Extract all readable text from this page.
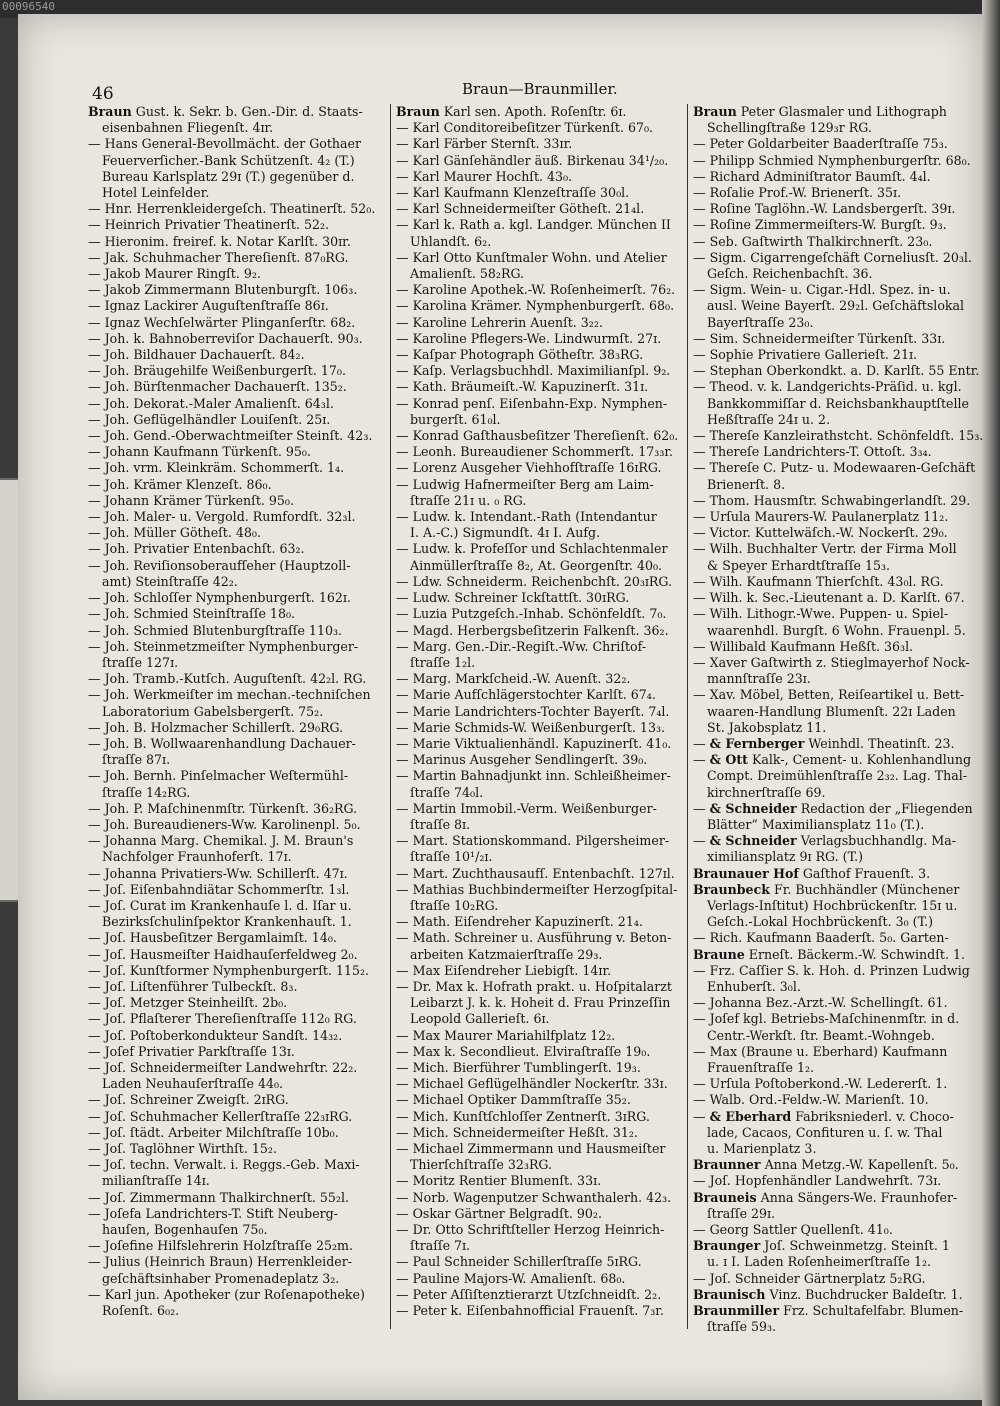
00096540
46	Braun—Braunmiller.
Braun Gust. k. Sekr. b. Gen.-Dir. d. Staats-
eisenbahnen Fliegenſt. 4ɪr.
— Hans General-Bevollmächt. der Gothaer
Feuerverſicher.-Bank Schützenſt. 4₂ (T.)
Bureau Karlsplatz 29ɪ (T.) gegenüber d.
Hotel Leinfelder.
— Hnr. Herrenkleidergeſch. Theatinerſt. 52₀.
— Heinrich Privatier Theatinerſt. 52₂.
— Hieronim. freiref. k. Notar Karlſt. 30ɪr.
— Jak. Schuhmacher Thereſienſt. 87₀RG.
— Jakob Maurer Ringſt. 9₂.
— Jakob Zimmermann Blutenburgſt. 106₃.
— Ignaz Lackirer Auguſtenſtraſſe 86ɪ.
— Ignaz Wechſelwärter Plinganſerſtr. 68₂.
— Joh. k. Bahnoberreviſor Dachauerſt. 90₃.
— Joh. Bildhauer Dachauerſt. 84₂.
— Joh. Bräugehilfe Weißenburgerſt. 17₀.
— Joh. Bürſtenmacher Dachauerſt. 135₂.
— Joh. Dekorat.-Maler Amalienſt. 64₃l.
— Joh. Geflügelhändler Louiſenſt. 25ɪ.
— Joh. Gend.-Oberwachtmeiſter Steinſt. 42₃.
— Johann Kaufmann Türkenſt. 95₀.
— Joh. vrm. Kleinkräm. Schommerſt. 1₄.
— Joh. Krämer Klenzeſt. 86₀.
— Johann Krämer Türkenſt. 95₀.
— Joh. Maler- u. Vergold. Rumfordſt. 32₃l.
— Joh. Müller Götheſt. 48₀.
— Joh. Privatier Entenbachſt. 63₂.
— Joh. Reviſionsoberaufſeher (Hauptzoll-
amt) Steinſtraſſe 42₂.
— Joh. Schloſſer Nymphenburgerſt. 162ɪ.
— Joh. Schmied Steinſtraſſe 18₀.
— Joh. Schmied Blutenburgſtraſſe 110₃.
— Joh. Steinmetzmeiſter Nymphenburger-
ſtraſſe 127ɪ.
— Joh. Tramb.-Kutſch. Auguſtenſt. 42₂l. RG.
— Joh. Werkmeiſter im mechan.-techniſchen
Laboratorium Gabelsbergerſt. 75₂.
— Joh. B. Holzmacher Schillerſt. 29₀RG.
— Joh. B. Wollwaarenhandlung Dachauer-
ſtraſſe 87ɪ.
— Joh. Bernh. Pinſelmacher Weſtermühl-
ſtraſſe 14₂RG.
— Joh. P. Maſchinenmſtr. Türkenſt. 36₂RG.
— Joh. Bureaudieners-Ww. Karolinenpl. 5₀.
— Johanna Marg. Chemikal. J. M. Braun's
Nachfolger Fraunhoferſt. 17ɪ.
— Johanna Privatiers-Ww. Schillerſt. 47ɪ.
— Joſ. Eiſenbahndiätar Schommerſtr. 1₃l.
— Joſ. Curat im Krankenhauſe l. d. Iſar u.
Bezirksſchulinſpektor Krankenhauſt. 1.
— Joſ. Hausbeſitzer Bergamlaimſt. 14₀.
— Joſ. Hausmeiſter Haidhauſerfeldweg 2₀.
— Joſ. Kunſtformer Nymphenburgerſt. 115₂.
— Joſ. Liſtenführer Tulbeckſt. 8₃.
— Joſ. Metzger Steinheilſt. 2b₀.
— Joſ. Pflaſterer Thereſienſtraſſe 112₀ RG.
— Joſ. Poſtoberkondukteur Sandſt. 14₃₂.
— Joſef Privatier Parkſtraſſe 13ɪ.
— Joſ. Schneidermeiſter Landwehrſtr. 22₂.
Laden Neuhauſerſtraſſe 44₀.
— Joſ. Schreiner Zweigſt. 2ɪRG.
— Joſ. Schuhmacher Kellerſtraſſe 22₃ɪRG.
— Joſ. ſtädt. Arbeiter Milchſtraſſe 10b₀.
— Joſ. Taglöhner Wirthſt. 15₂.
— Joſ. techn. Verwalt. i. Reggs.-Geb. Maxi-
milianſtraſſe 14ɪ.
— Joſ. Zimmermann Thalkirchnerſt. 55₂l.
— Joſefa Landrichters-T. Stift Neuberg-
hauſen, Bogenhauſen 75₀.
— Joſefine Hilfslehrerin Holzſtraſſe 25₂m.
— Julius (Heinrich Braun) Herrenkleider-
geſchäftsinhaber Promenadeplatz 3₂.
— Karl jun. Apotheker (zur Roſenapotheke)
Roſenſt. 6₀₂.
Braun Karl sen. Apoth. Roſenſtr. 6ɪ.
— Karl Conditoreibeſitzer Türkenſt. 67₀.
— Karl Färber Sternſt. 33ɪr.
— Karl Gänſehändler äuß. Birkenau 34¹/₂₀.
— Karl Maurer Hochſt. 43₀.
— Karl Kaufmann Klenzeſtraſſe 30₀l.
— Karl Schneidermeiſter Götheſt. 21₄l.
— Karl k. Rath a. kgl. Landger. München II
Uhlandſt. 6₂.
— Karl Otto Kunſtmaler Wohn. und Atelier
Amalienſt. 58₂RG.
— Karoline Apothek.-W. Roſenheimerſt. 76₂.
— Karolina Krämer. Nymphenburgerſt. 68₀.
— Karoline Lehrerin Auenſt. 3₂₂.
— Karoline Pflegers-We. Lindwurmſt. 27ɪ.
— Kaſpar Photograph Götheſtr. 38₃RG.
— Kaſp. Verlagsbuchhdl. Maximilianſpl. 9₂.
— Kath. Bräumeiſt.-W. Kapuzinerſt. 31ɪ.
— Konrad penſ. Eiſenbahn-Exp. Nymphen-
burgerſt. 61₀l.
— Konrad Gaſthausbeſitzer Thereſienſt. 62₀.
— Leonh. Bureaudiener Schommerſt. 17₃₃r.
— Lorenz Ausgeher Viehhofſtraſſe 16ɪRG.
— Ludwig Hafnermeiſter Berg am Laim-
ſtraſſe 21ɪ u. ₀ RG.
— Ludw. k. Intendant.-Rath (Intendantur
I. A.-C.) Sigmundſt. 4ɪ I. Aufg.
— Ludw. k. Profeſſor und Schlachtenmaler
Ainmüllerſtraſſe 8₂, At. Georgenſtr. 40₀.
— Ldw. Schneiderm. Reichenbchſt. 20₃ɪRG.
— Ludw. Schreiner Ickſtattſt. 30ɪRG.
— Luzia Putzgeſch.-Inhab. Schönfeldſt. 7₀.
— Magd. Herbergsbeſitzerin Falkenſt. 36₂.
— Marg. Gen.-Dir.-Regiſt.-Ww. Chriſtof-
ſtraſſe 1₂l.
— Marg. Markſcheid.-W. Auenſt. 32₂.
— Marie Aufſchlägerstochter Karlſt. 67₄.
— Marie Landrichters-Tochter Bayerſt. 7₄l.
— Marie Schmids-W. Weißenburgerſt. 13₃.
— Marie Viktualienhändl. Kapuzinerſt. 41₀.
— Marinus Ausgeher Sendlingerſt. 39₀.
— Martin Bahnadjunkt inn. Schleißheimer-
ſtraſſe 74₀l.
— Martin Immobil.-Verm. Weißenburger-
ſtraſſe 8ɪ.
— Mart. Stationskommand. Pilgersheimer-
ſtraſſe 10¹/₂ɪ.
— Mart. Zuchthausaufſ. Entenbachſt. 127ɪl.
— Mathias Buchbindermeiſter Herzogſpital-
ſtraſſe 10₂RG.
— Math. Eiſendreher Kapuzinerſt. 21₄.
— Math. Schreiner u. Ausführung v. Beton-
arbeiten Katzmaierſtraſſe 29₃.
— Max Eiſendreher Liebigſt. 14ɪr.
— Dr. Max k. Hofrath prakt. u. Hoſpitalarzt
Leibarzt J. k. k. Hoheit d. Frau Prinzeſſin
Leopold Gallerieſt. 6ɪ.
— Max Maurer Mariahilfplatz 12₂.
— Max k. Secondlieut. Elviraſtraſſe 19₀.
— Mich. Bierführer Tumblingerſt. 19₃.
— Michael Geflügelhändler Nockerſtr. 33ɪ.
— Michael Optiker Dammſtraſſe 35₂.
— Mich. Kunſtſchloſſer Zentnerſt. 3ɪRG.
— Mich. Schneidermeiſter Heßſt. 31₂.
— Michael Zimmermann und Hausmeiſter
Thierſchſtraſſe 32₃RG.
— Moritz Rentier Blumenſt. 33ɪ.
— Norb. Wagenputzer Schwanthalerh. 42₃.
— Oskar Gärtner Belgradſt. 90₂.
— Dr. Otto Schriftſteller Herzog Heinrich-
ſtraſſe 7ɪ.
— Paul Schneider Schillerſtraſſe 5ɪRG.
— Pauline Majors-W. Amalienſt. 68₀.
— Peter Aſſiſtenztierarzt Utzſchneidſt. 2₂.
— Peter k. Eiſenbahnofficial Frauenſt. 7₃r.
Braun Peter Glasmaler und Lithograph
Schellingſtraße 129₃r RG.
— Peter Goldarbeiter Baaderſtraſſe 75₃.
— Philipp Schmied Nymphenburgerſtr. 68₀.
— Richard Adminiſtrator Baumſt. 4₄l.
— Roſalie Prof.-W. Brienerſt. 35ɪ.
— Roſine Taglöhn.-W. Landsbergerſt. 39ɪ.
— Roſine Zimmermeiſters-W. Burgſt. 9₃.
— Seb. Gaſtwirth Thalkirchnerſt. 23₀.
— Sigm. Cigarrengeſchäft Corneliusſt. 20₃l.
Geſch. Reichenbachſt. 36.
— Sigm. Wein- u. Cigar.-Hdl. Spez. in- u.
ausl. Weine Bayerſt. 29₂l. Geſchäftslokal
Bayerſtraſſe 23₀.
— Sim. Schneidermeiſter Türkenſt. 33ɪ.
— Sophie Privatiere Gallerieſt. 21ɪ.
— Stephan Oberkondkt. a. D. Karlſt. 55 Entr.
— Theod. v. k. Landgerichts-Präſid. u. kgl.
Bankkommiſſar d. Reichsbankhauptſtelle
Heßſtraſſe 24ɪ u. 2.
— Thereſe Kanzleirathstcht. Schönfeldſt. 15₃.
— Thereſe Landrichters-T. Ottoſt. 3₃₄.
— Thereſe C. Putz- u. Modewaaren-Geſchäft
Brienerſt. 8.
— Thom. Hausmſtr. Schwabingerlandſt. 29.
— Urſula Maurers-W. Paulanerplatz 11₂.
— Victor. Kuttelwäſch.-W. Nockerſt. 29₀.
— Wilh. Buchhalter Vertr. der Firma Moll
& Speyer Erhardtſtraſſe 15₃.
— Wilh. Kaufmann Thierſchſt. 43₀l. RG.
— Wilh. k. Sec.-Lieutenant a. D. Karlſt. 67.
— Wilh. Lithogr.-Wwe. Puppen- u. Spiel-
waarenhdl. Burgſt. 6 Wohn. Frauenpl. 5.
— Willibald Kaufmann Heßſt. 36₃l.
— Xaver Gaſtwirth z. Stieglmayerhof Nock-
mannſtraſſe 23ɪ.
— Xav. Möbel, Betten, Reiſeartikel u. Bett-
waaren-Handlung Blumenſt. 22ɪ Laden
St. Jakobsplatz 11.
— & Fernberger Weinhdl. Theatinſt. 23.
— & Ott Kalk-, Cement- u. Kohlenhandlung
Compt. Dreimühlenſtraſſe 2₃₂. Lag. Thal-
kirchnerſtraſſe 69.
— & Schneider Redaction der „Fliegenden
Blätter“ Maximiliansplatz 11₀ (T.).
— & Schneider Verlagsbuchhandlg. Ma-
ximiliansplatz 9ɪ RG. (T.)
Braunauer Hof Gaſthof Frauenſt. 3.
Braunbeck Fr. Buchhändler (Münchener
Verlags-Inſtitut) Hochbrückenſtr. 15ɪ u.
Geſch.-Lokal Hochbrückenſt. 3₀ (T.)
— Rich. Kaufmann Baaderſt. 5₀. Garten-
Braune Erneſt. Bäckerm.-W. Schwindſt. 1.
— Frz. Caſſier S. k. Hoh. d. Prinzen Ludwig
Enhuberſt. 3₀l.
— Johanna Bez.-Arzt.-W. Schellingſt. 61.
— Joſef kgl. Betriebs-Maſchinenmſtr. in d.
Centr.-Werkſt. ſtr. Beamt.-Wohngeb.
— Max (Braune u. Eberhard) Kaufmann
Frauenſtraſſe 1₂.
— Urſula Poſtoberkond.-W. Ledererſt. 1.
— Walb. Ord.-Feldw.-W. Marienſt. 10.
— & Eberhard Fabriksniederl. v. Choco-
lade, Cacaos, Confituren u. ſ. w. Thal
u. Marienplatz 3.
Braunner Anna Metzg.-W. Kapellenſt. 5₀.
— Joſ. Hopfenhändler Landwehrſt. 73ɪ.
Brauneis Anna Sängers-We. Fraunhofer-
ſtraſſe 29ɪ.
— Georg Sattler Quellenſt. 41₀.
Braunger Joſ. Schweinmetzg. Steinſt. 1
u. ɪ I. Laden Roſenheimerſtraſſe 1₂.
— Joſ. Schneider Gärtnerplatz 5₂RG.
Braunisch Vinz. Buchdrucker Baldeſtr. 1.
Braunmiller Frz. Schultafelfabr. Blumen-
ſtraſſe 59₃.
